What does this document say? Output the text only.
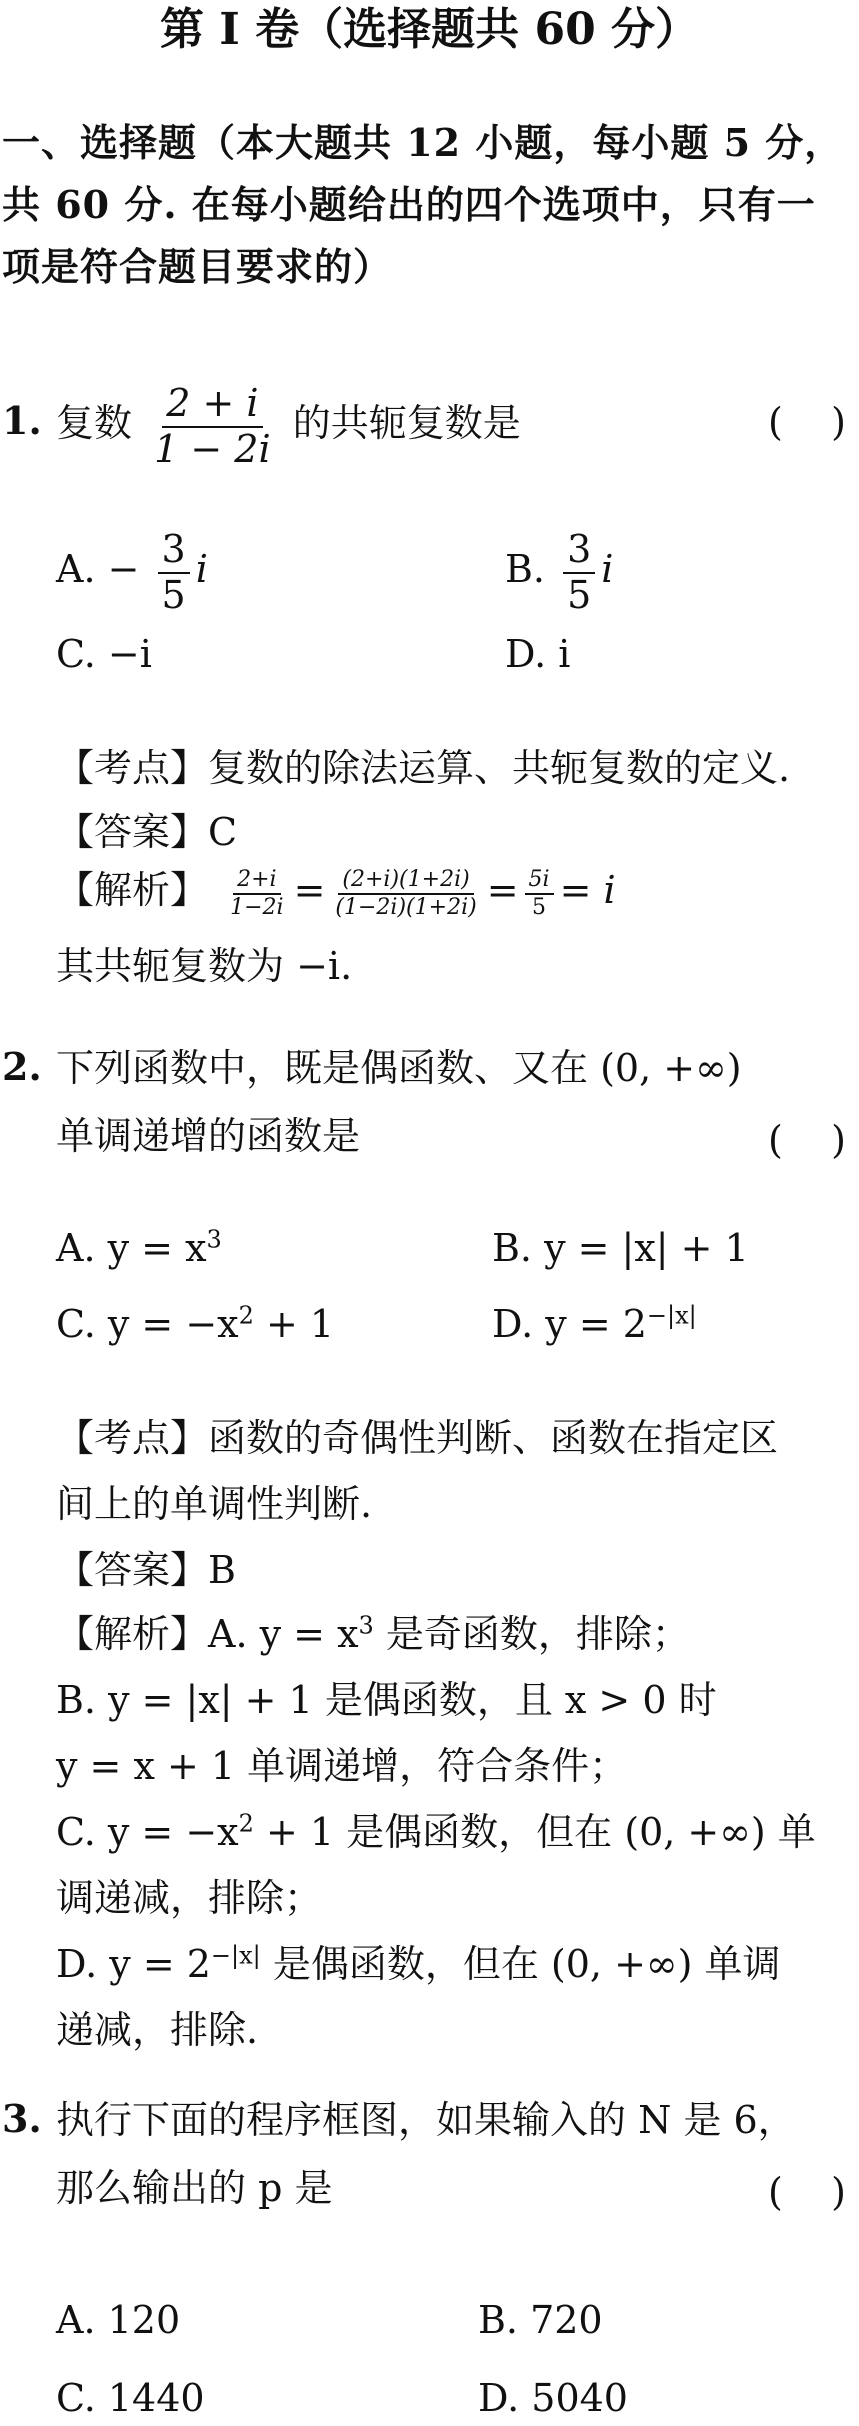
第 I 卷（选择题共 60 分）
一、选择题（本大题共 12 小题，每小题 5 分，共 60 分. 在每小题给出的四个选项中，只有一项是符合题目要求的）
1. 复数 $\frac{2 + i}{1 - 2i}$ 的共轭复数是	(    )
A. − $\frac{3}{5}$ i	B. $\frac{3}{5}$ i
C. −i	D. i
【考点】复数的除法运算、共轭复数的定义.
【答案】C
【解析】 $\frac{2+i}{1-2i} = \frac{(2+i)(1+2i)}{(1-2i)(1+2i)} = \frac{5i}{5} = i$
其共轭复数为 −i.
2. 下列函数中，既是偶函数、又在 (0, +∞)
单调递增的函数是	(    )
A. $y = x^3$	B. y = |x| + 1
C. $y = -x^2 + 1$	D. $y = 2^{-|x|}$
【考点】函数的奇偶性判断、函数在指定区
间上的单调性判断.
【答案】B
【解析】A. $y = x^3$ 是奇函数，排除；
B. y = |x| + 1 是偶函数，且 x > 0 时
y = x + 1 单调递增，符合条件；
C. $y = -x^2 + 1$ 是偶函数，但在 (0, +∞) 单
调递减，排除；
D. $y = 2^{-|x|}$ 是偶函数，但在 (0, +∞) 单调
递减，排除.
3. 执行下面的程序框图，如果输入的 N 是 6，
那么输出的 p 是	(    )
A. 120	B. 720
C. 1440	D. 5040
